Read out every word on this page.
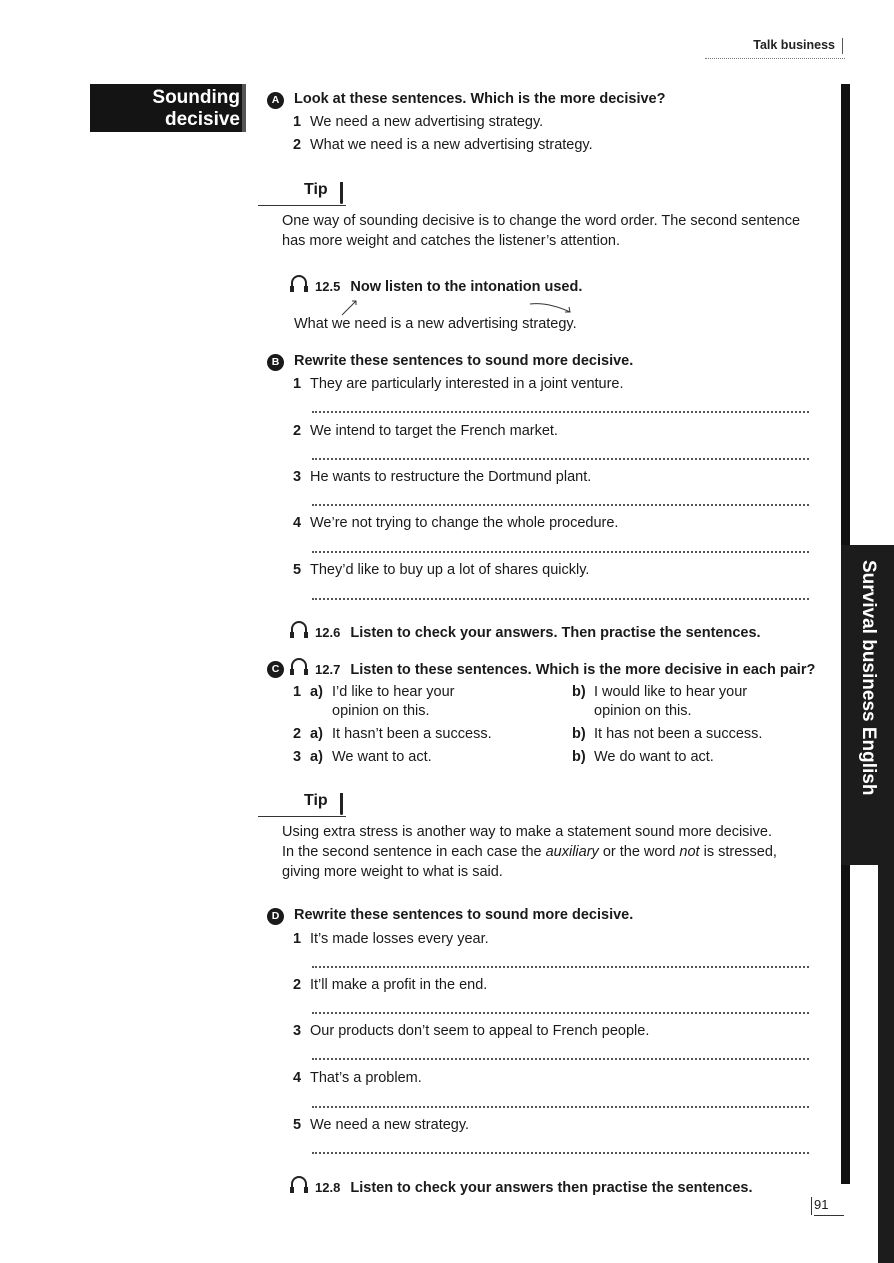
Talk business
Sounding
decisive
Survival business English
A	Look at these sentences. Which is the more decisive?
1 We need a new advertising strategy.
2 What we need is a new advertising strategy.
Tip
One way of sounding decisive is to change the word order. The second sentence
has more weight and catches the listener’s attention.
12.5 Now listen to the intonation used.
What we need is a new advertising strategy.
B	Rewrite these sentences to sound more decisive.
1 They are particularly interested in a joint venture.
2 We intend to target the French market.
3 He wants to restructure the Dortmund plant.
4 We’re not trying to change the whole procedure.
5 They’d like to buy up a lot of shares quickly.
12.6 Listen to check your answers. Then practise the sentences.
C	12.7 Listen to these sentences. Which is the more decisive in each pair?
1 a) I’d like to hear your
opinion on this.
b) I would like to hear your
opinion on this.
2 a) It hasn’t been a success.	b) It has not been a success.
3 a) We want to act.	b) We do want to act.
Tip
Using extra stress is another way to make a statement sound more decisive.
In the second sentence in each case the auxiliary or the word not is stressed,
giving more weight to what is said.
D	Rewrite these sentences to sound more decisive.
1 It’s made losses every year.
2 It’ll make a profit in the end.
3 Our products don’t seem to appeal to French people.
4 That’s a problem.
5 We need a new strategy.
12.8 Listen to check your answers then practise the sentences.
91
